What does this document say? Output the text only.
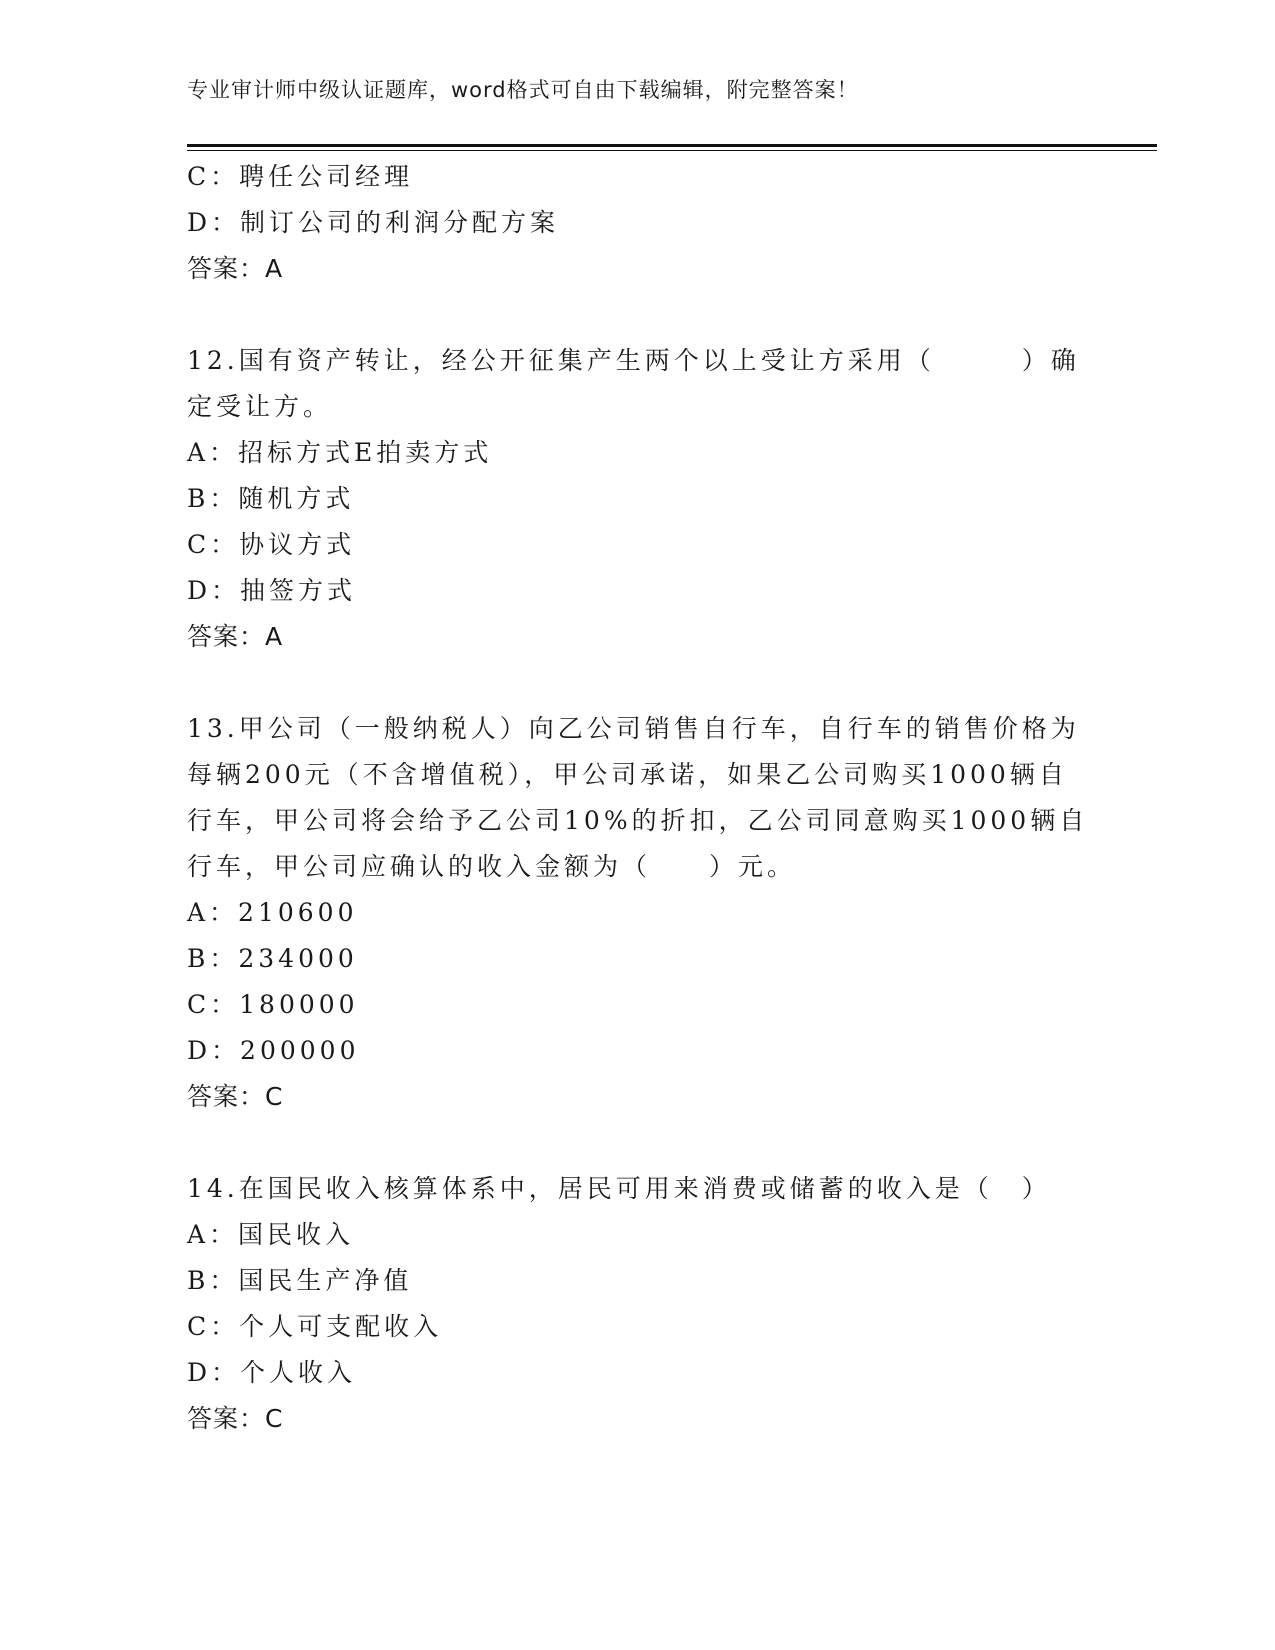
专业审计师中级认证题库，word格式可自由下载编辑，附完整答案！
C：聘任公司经理
D：制订公司的利润分配方案
答案：A
12.国有资产转让，经公开征集产生两个以上受让方采用（　　　）确
定受让方。
A：招标方式E拍卖方式
B：随机方式
C：协议方式
D：抽签方式
答案：A
13.甲公司（一般纳税人）向乙公司销售自行车，自行车的销售价格为
每辆200元（不含增值税），甲公司承诺，如果乙公司购买1000辆自
行车，甲公司将会给予乙公司10%的折扣，乙公司同意购买1000辆自
行车，甲公司应确认的收入金额为（　　）元。
A：210600
B：234000
C：180000
D：200000
答案：C
14.在国民收入核算体系中，居民可用来消费或储蓄的收入是（　）
A：国民收入
B：国民生产净值
C：个人可支配收入
D：个人收入
答案：C
